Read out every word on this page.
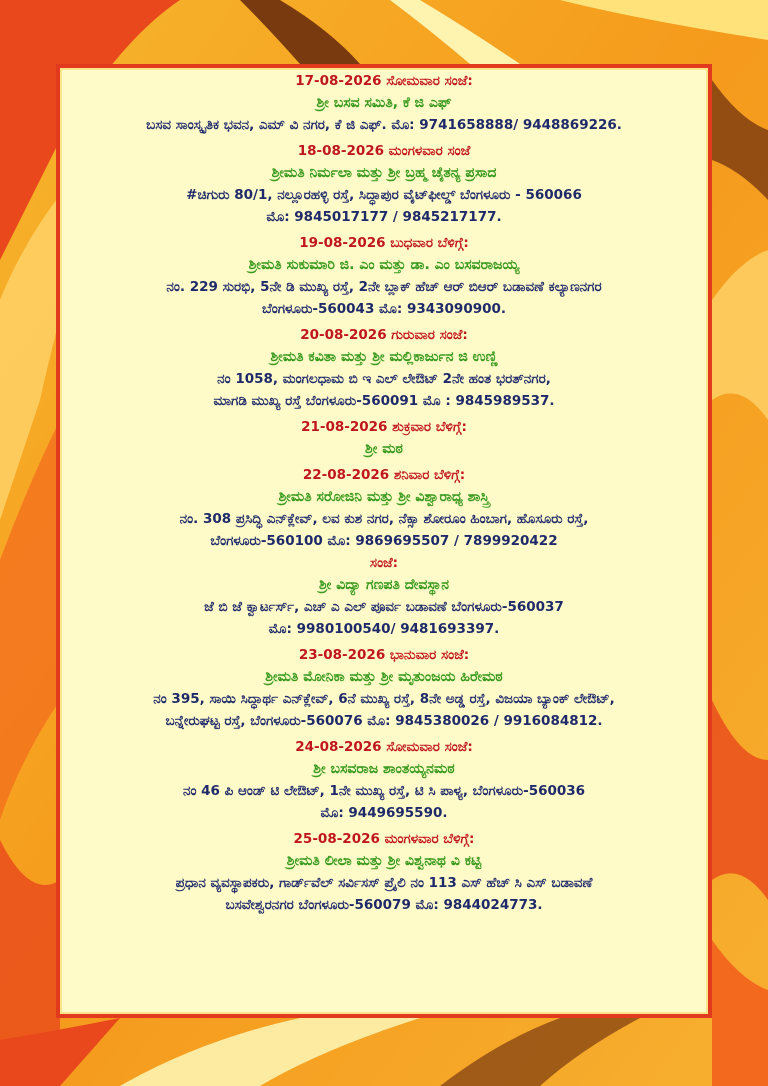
17-08-2026 ಸೋಮವಾರ ಸಂಜೆ:
ಶ್ರೀ ಬಸವ ಸಮಿತಿ, ಕೆ ಜಿ ಎಫ್
ಬಸವ ಸಾಂಸ್ಕೃತಿಕ ಭವನ, ಎಮ್ ವಿ ನಗರ, ಕೆ ಜಿ ಎಫ್. ಮೊ: 9741658888/ 9448869226.
18-08-2026 ಮಂಗಳವಾರ ಸಂಜೆ
ಶ್ರೀಮತಿ ನಿರ್ಮಲಾ ಮತ್ತು ಶ್ರೀ ಬ್ರಹ್ಮ ಚೈತನ್ಯ ಪ್ರಸಾದ
#ಚಿಗುರು 80/1, ನಲ್ಲೂರಹಳ್ಳಿ ರಸ್ತೆ, ಸಿದ್ಧಾಪುರ ವೈಟ್‌ಫೀಲ್ಡ್ ಬೆಂಗಳೂರು - 560066
ಮೊ: 9845017177 / 9845217177.
19-08-2026 ಬುಧವಾರ ಬೆಳಿಗ್ಗೆ:
ಶ್ರೀಮತಿ ಸುಕುಮಾರಿ ಜಿ. ಎಂ ಮತ್ತು ಡಾ. ಎಂ ಬಸವರಾಜಯ್ಯ
ನಂ. 229 ಸುರಭಿ, 5ನೇ ಡಿ ಮುಖ್ಯ ರಸ್ತೆ, 2ನೇ ಬ್ಲಾಕ್ ಹೆಚ್ ಆರ್ ಬಿಆರ್ ಬಡಾವಣೆ ಕಲ್ಯಾಣನಗರ
ಬೆಂಗಳೂರು-560043 ಮೊ: 9343090900.
20-08-2026 ಗುರುವಾರ ಸಂಜೆ:
ಶ್ರೀಮತಿ ಕವಿತಾ ಮತ್ತು ಶ್ರೀ ಮಲ್ಲಿಕಾರ್ಜುನ ಜಿ ಉಣ್ಣಿ
ನಂ 1058, ಮಂಗಲಧಾಮ ಬಿ ಇ ಎಲ್ ಲೇಔಟ್ 2ನೇ ಹಂತ ಭರತ್‌ನಗರ,
ಮಾಗಡಿ ಮುಖ್ಯ ರಸ್ತೆ ಬೆಂಗಳೂರು-560091 ಮೊ : 9845989537.
21-08-2026 ಶುಕ್ರವಾರ ಬೆಳಿಗ್ಗೆ:
ಶ್ರೀ ಮಠ
22-08-2026 ಶನಿವಾರ ಬೆಳಿಗ್ಗೆ:
ಶ್ರೀಮತಿ ಸರೋಜಿನಿ ಮತ್ತು ಶ್ರೀ ವಿಶ್ವಾರಾಧ್ಯ ಶಾಸ್ತ್ರಿ
ನಂ. 308 ಪ್ರಸಿದ್ಧಿ ಎನ್‌ಕ್ಲೇವ್, ಲವ ಕುಶ ನಗರ, ನೆಕ್ಸಾ ಶೋರೂಂ ಹಿಂಬಾಗ, ಹೊಸೂರು ರಸ್ತೆ,
ಬೆಂಗಳೂರು-560100 ಮೊ: 9869695507 / 7899920422
ಸಂಜೆ:
ಶ್ರೀ ವಿದ್ಯಾ ಗಣಪತಿ ದೇವಸ್ಥಾನ
ಜೆ ಬಿ ಜೆ ಕ್ವಾರ್ಟರ್ಸ್, ಎಚ್ ಎ ಎಲ್ ಪೂರ್ವ ಬಡಾವಣೆ ಬೆಂಗಳೂರು-560037
ಮೊ: 9980100540/ 9481693397.
23-08-2026 ಭಾನುವಾರ ಸಂಜೆ:
ಶ್ರೀಮತಿ ಮೋನಿಕಾ ಮತ್ತು ಶ್ರೀ ಮೃತುಂಜಯ ಹಿರೇಮಠ
ನಂ 395, ಸಾಯಿ ಸಿದ್ಧಾರ್ಥ ಎನ್‌ಕ್ಲೇವ್, 6ನೆ ಮುಖ್ಯ ರಸ್ತೆ, 8ನೇ ಅಡ್ಡ ರಸ್ತೆ, ವಿಜಯಾ ಬ್ಯಾಂಕ್ ಲೇಔಟ್,
ಬನ್ನೇರುಘಟ್ಟ ರಸ್ತೆ, ಬೆಂಗಳೂರು-560076 ಮೊ: 9845380026 / 9916084812.
24-08-2026 ಸೋಮವಾರ ಸಂಜೆ:
ಶ್ರೀ ಬಸವರಾಜ ಶಾಂತಯ್ಯನಮಠ
ನಂ 46 ಪಿ ಆಂಡ್ ಟಿ ಲೇಔಟ್, 1ನೇ ಮುಖ್ಯ ರಸ್ತೆ, ಟಿ ಸಿ ಪಾಳ್ಯ, ಬೆಂಗಳೂರು-560036
ಮೊ: 9449695590.
25-08-2026 ಮಂಗಳವಾರ ಬೆಳಿಗ್ಗೆ:
ಶ್ರೀಮತಿ ಲೀಲಾ ಮತ್ತು ಶ್ರೀ ವಿಶ್ವನಾಥ ವಿ ಕಟ್ಟಿ
ಪ್ರಧಾನ ವ್ಯವಸ್ಥಾಪಕರು, ಗಾರ್ಡ್‌ವೆಲ್ ಸರ್ವಿಸಸ್ ಪ್ರೈಲಿ ನಂ 113 ಎಸ್ ಹೆಚ್ ಸಿ ಎಸ್ ಬಡಾವಣೆ
ಬಸವೇಶ್ವರನಗರ ಬೆಂಗಳೂರು-560079 ಮೊ: 9844024773.
